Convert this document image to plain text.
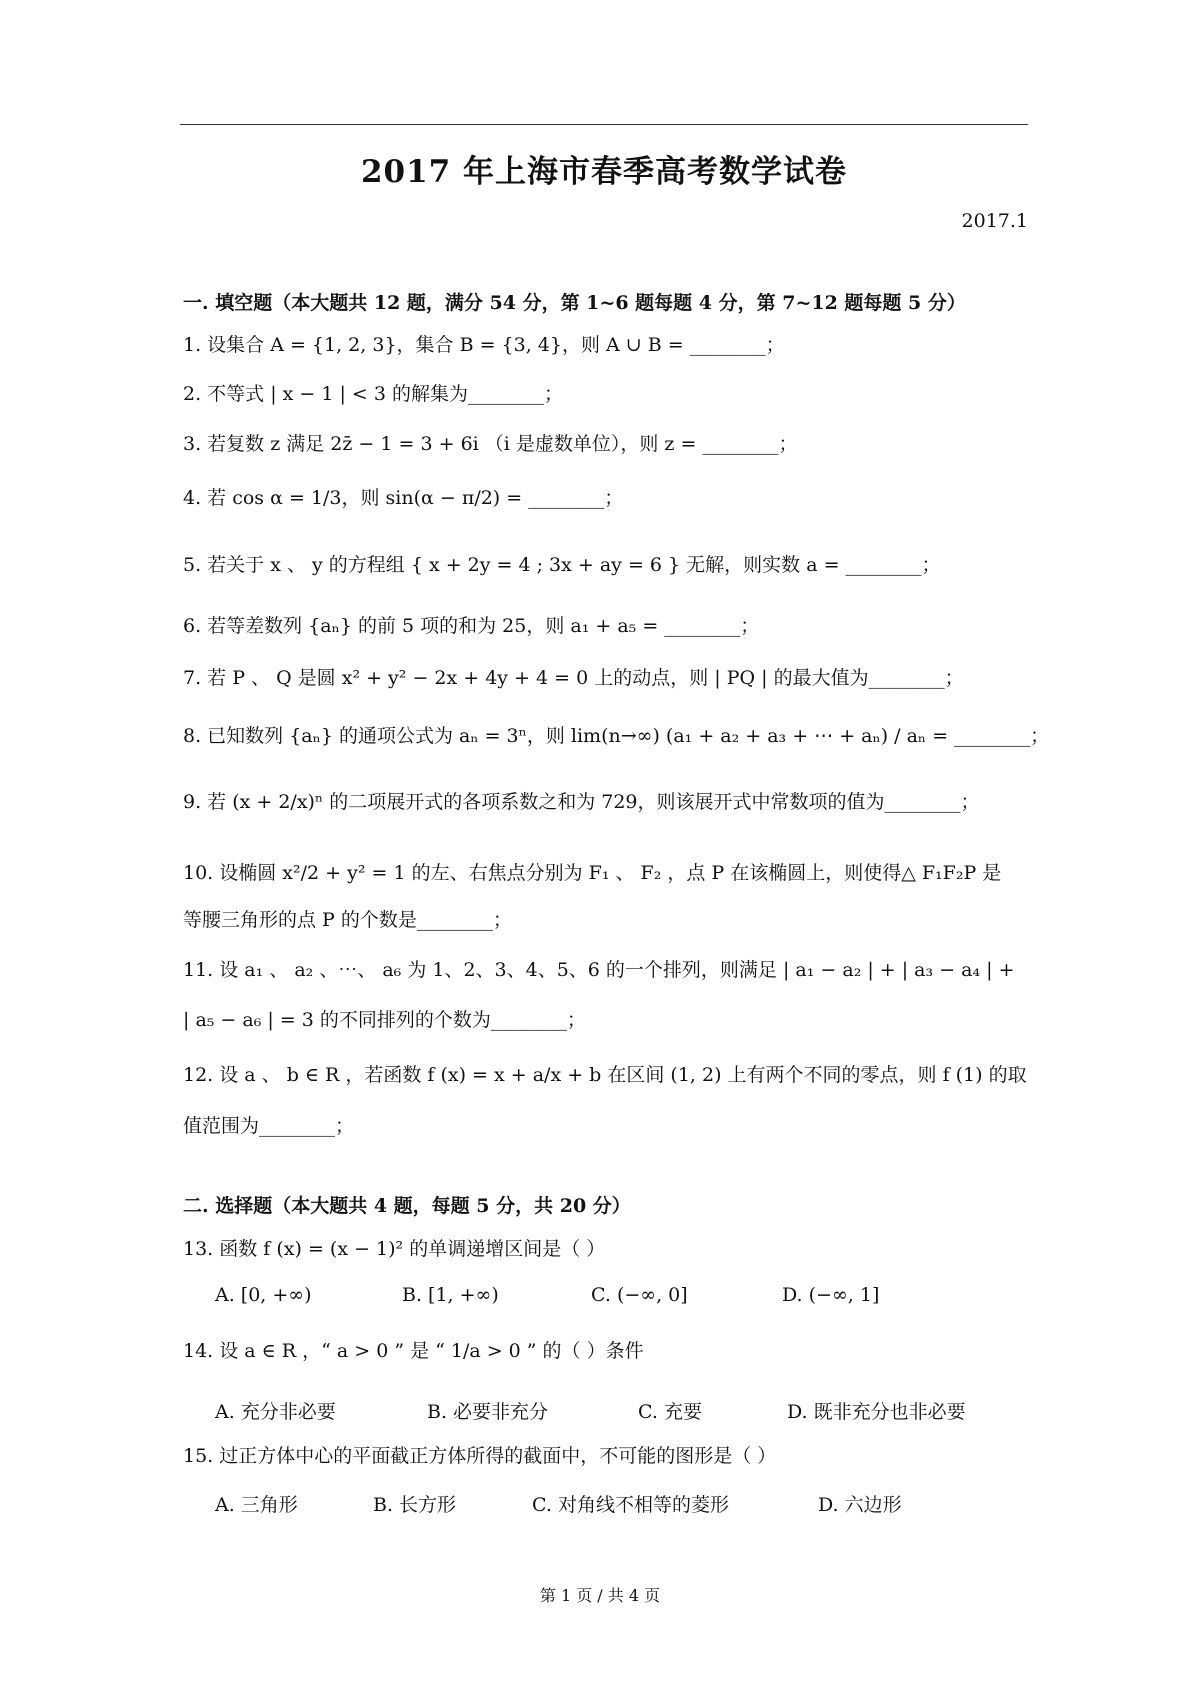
2017 年上海市春季高考数学试卷
2017.1
一. 填空题（本大题共 12 题，满分 54 分，第 1~6 题每题 4 分，第 7~12 题每题 5 分）
1. 设集合 A = {1, 2, 3}，集合 B = {3, 4}，则 A ∪ B = ________；
2. 不等式 | x − 1 | < 3 的解集为________；
3. 若复数 z 满足 2z̄ − 1 = 3 + 6i （i 是虚数单位），则 z = ________；
4. 若 cos α = 1/3，则 sin(α − π/2) = ________；
5. 若关于 x 、 y 的方程组 { x + 2y = 4 ; 3x + ay = 6 } 无解，则实数 a = ________；
6. 若等差数列 {aₙ} 的前 5 项的和为 25，则 a₁ + a₅ = ________；
7. 若 P 、 Q 是圆 x² + y² − 2x + 4y + 4 = 0 上的动点，则 | PQ | 的最大值为________；
8. 已知数列 {aₙ} 的通项公式为 aₙ = 3ⁿ，则 lim(n→∞) (a₁ + a₂ + a₃ + ⋯ + aₙ) / aₙ = ________；
9. 若 (x + 2/x)ⁿ 的二项展开式的各项系数之和为 729，则该展开式中常数项的值为________；
10. 设椭圆 x²/2 + y² = 1 的左、右焦点分别为 F₁ 、 F₂ ，点 P 在该椭圆上，则使得△ F₁F₂P 是
等腰三角形的点 P 的个数是________；
11. 设 a₁ 、 a₂ 、⋯、 a₆ 为 1、2、3、4、5、6 的一个排列，则满足 | a₁ − a₂ | + | a₃ − a₄ | +
| a₅ − a₆ | = 3 的不同排列的个数为________；
12. 设 a 、 b ∈ R ，若函数 f (x) = x + a/x + b 在区间 (1, 2) 上有两个不同的零点，则 f (1) 的取
值范围为________；
二. 选择题（本大题共 4 题，每题 5 分，共 20 分）
13. 函数 f (x) = (x − 1)² 的单调递增区间是（ ）
A. [0, +∞)	B. [1, +∞)	C. (−∞, 0]	D. (−∞, 1]
14. 设 a ∈ R ，“ a > 0 ” 是 “ 1/a > 0 ” 的（ ）条件
A. 充分非必要	B. 必要非充分	C. 充要	D. 既非充分也非必要
15. 过正方体中心的平面截正方体所得的截面中，不可能的图形是（ ）
A. 三角形	B. 长方形	C. 对角线不相等的菱形	D. 六边形
第 1 页 / 共 4 页
